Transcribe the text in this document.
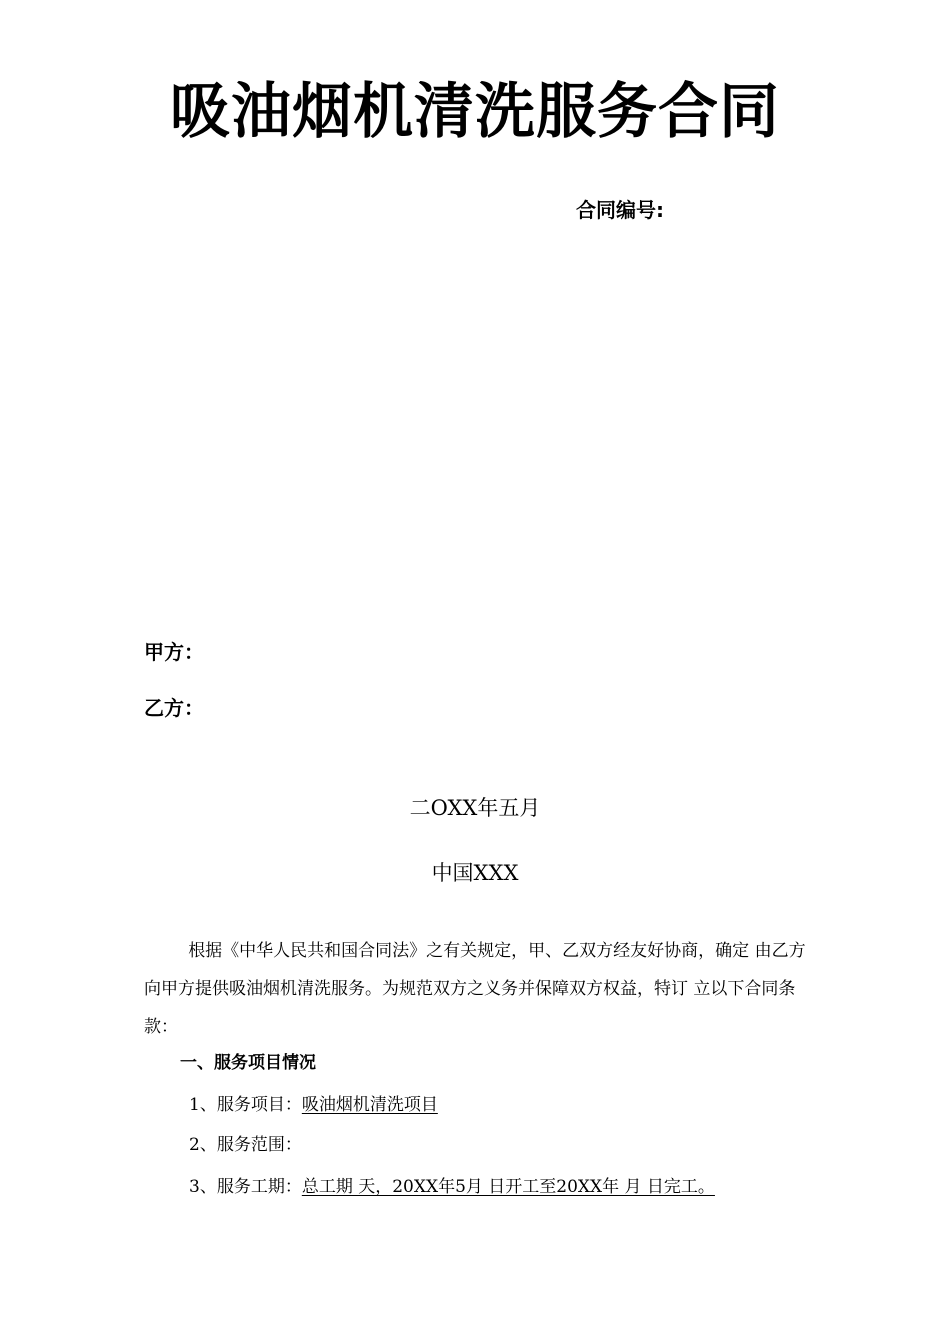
吸油烟机清洗服务合同
合同编号:
甲方：
乙方：
二OXX年五月
中国XXX

根据《中华人民共和国合同法》之有关规定，甲、乙双方经友好协商，确定 由乙方向甲方提供吸油烟机清洗服务。为规范双方之义务并保障双方权益，特订 立以下合同条款：

一、服务项目情况
1、服务项目：吸油烟机清洗项目
2、服务范围：
3、服务工期：总工期 天，20XX年5月 日开工至20XX年 月 日完工。
